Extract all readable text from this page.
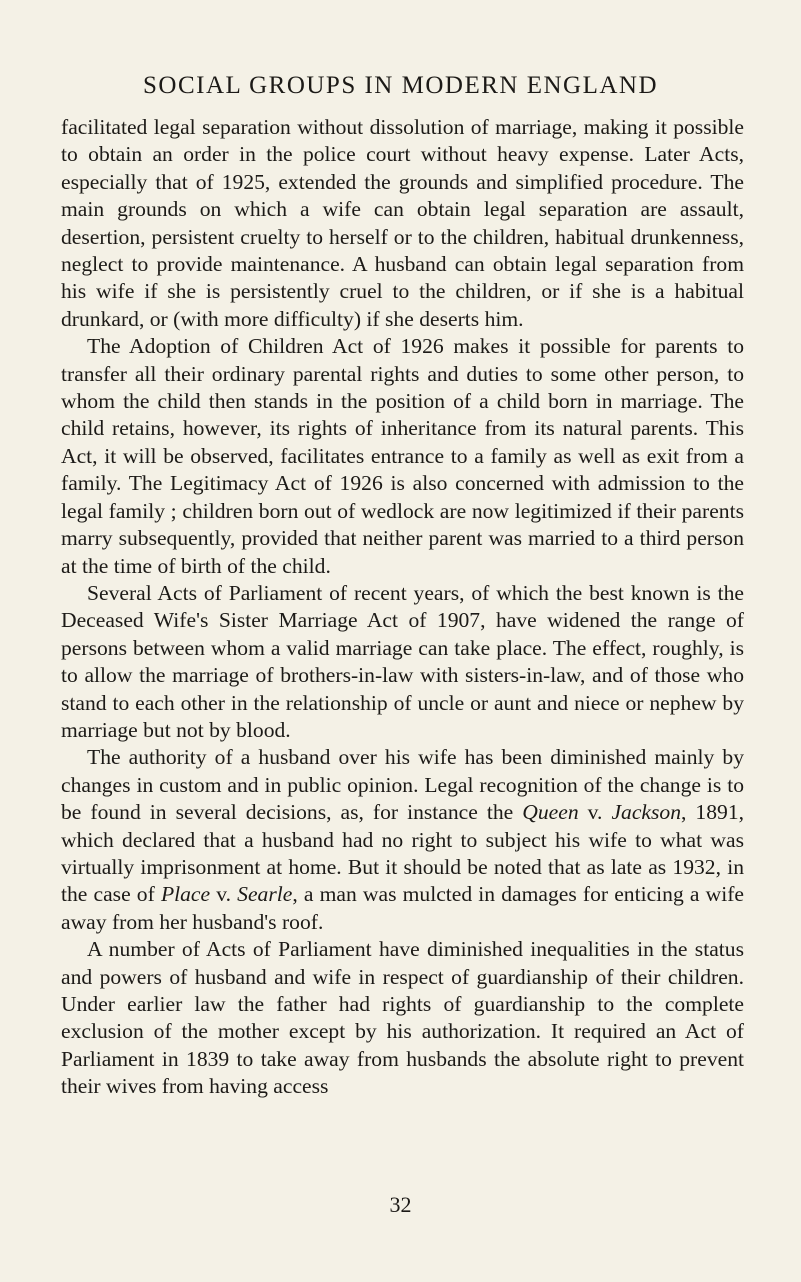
SOCIAL GROUPS IN MODERN ENGLAND

facilitated legal separation without dissolution of marriage, making it possible to obtain an order in the police court without heavy expense. Later Acts, especially that of 1925, extended the grounds and simplified procedure. The main grounds on which a wife can obtain legal separation are assault, desertion, persistent cruelty to herself or to the children, habitual drunkenness, neglect to provide maintenance. A husband can obtain legal separation from his wife if she is persistently cruel to the children, or if she is a habitual drunkard, or (with more difficulty) if she deserts him.

The Adoption of Children Act of 1926 makes it possible for parents to transfer all their ordinary parental rights and duties to some other person, to whom the child then stands in the position of a child born in marriage. The child retains, however, its rights of inheritance from its natural parents. This Act, it will be observed, facilitates entrance to a family as well as exit from a family. The Legitimacy Act of 1926 is also concerned with admission to the legal family ; children born out of wedlock are now legitimized if their parents marry subsequently, provided that neither parent was married to a third person at the time of birth of the child.

Several Acts of Parliament of recent years, of which the best known is the Deceased Wife's Sister Marriage Act of 1907, have widened the range of persons between whom a valid marriage can take place. The effect, roughly, is to allow the marriage of brothers-in-law with sisters-in-law, and of those who stand to each other in the relationship of uncle or aunt and niece or nephew by marriage but not by blood.

The authority of a husband over his wife has been diminished mainly by changes in custom and in public opinion. Legal recognition of the change is to be found in several decisions, as, for instance the Queen v. Jackson, 1891, which declared that a husband had no right to subject his wife to what was virtually imprisonment at home. But it should be noted that as late as 1932, in the case of Place v. Searle, a man was mulcted in damages for enticing a wife away from her husband's roof.

A number of Acts of Parliament have diminished inequalities in the status and powers of husband and wife in respect of guardianship of their children. Under earlier law the father had rights of guardianship to the complete exclusion of the mother except by his authorization. It required an Act of Parliament in 1839 to take away from husbands the absolute right to prevent their wives from having access

32
